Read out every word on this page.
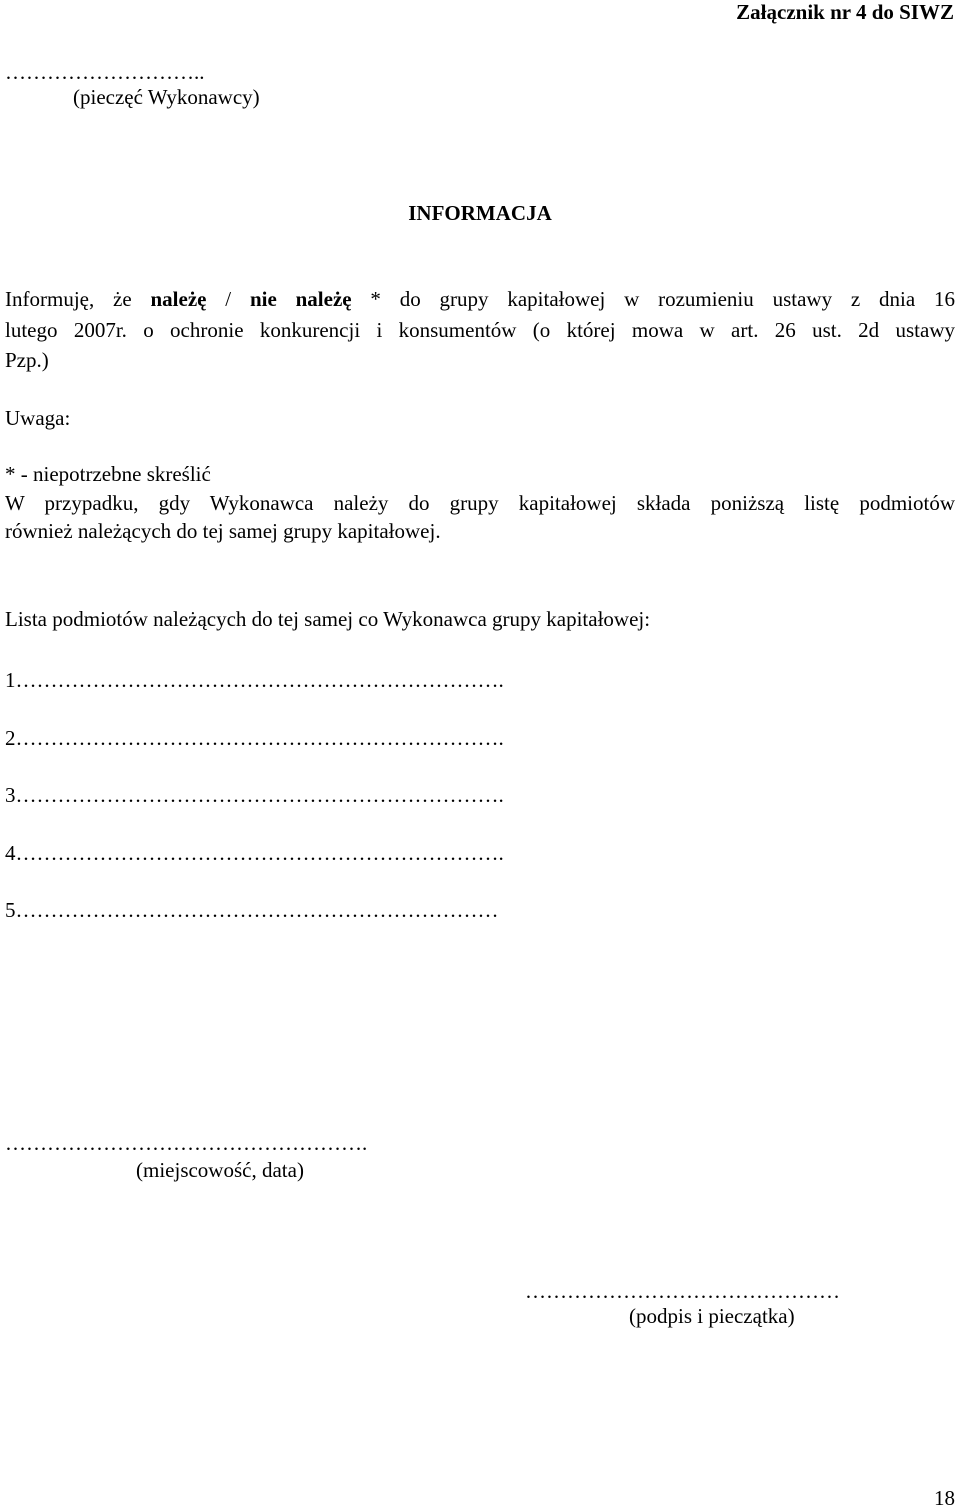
Załącznik nr 4 do SIWZ
………………………..
(pieczęć Wykonawcy)
INFORMACJA
Informuję, że należę / nie należę * do grupy kapitałowej w rozumieniu ustawy z dnia 16
lutego 2007r. o ochronie konkurencji i konsumentów (o której mowa w art. 26 ust. 2d ustawy
Pzp.)
Uwaga:
* - niepotrzebne skreślić
W przypadku, gdy Wykonawca należy do grupy kapitałowej składa poniższą listę podmiotów
również należących do tej samej grupy kapitałowej.
Lista podmiotów należących do tej samej co Wykonawca grupy kapitałowej:
1…………………………………………………………….
2…………………………………………………………….
3…………………………………………………………….
4…………………………………………………………….
5……………………………………………………………
…………………………………………….
(miejscowość, data)
………………………………………
(podpis i pieczątka)
18
